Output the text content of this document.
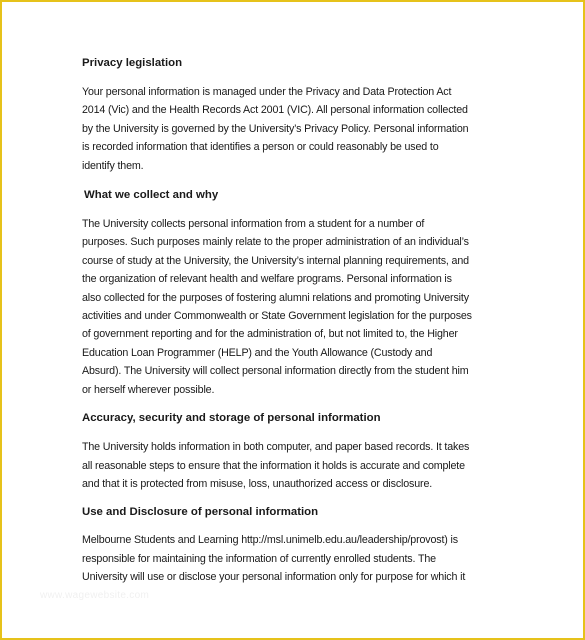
Privacy legislation
Your personal information is managed under the Privacy and Data Protection Act
2014 (Vic) and the Health Records Act 2001 (VIC). All personal information collected
by the University is governed by the University’s Privacy Policy. Personal information
is recorded information that identifies a person or could reasonably be used to
identify them.
What we collect and why
The University collects personal information from a student for a number of
purposes. Such purposes mainly relate to the proper administration of an individual’s
course of study at the University, the University’s internal planning requirements, and
the organization of relevant health and welfare programs. Personal information is
also collected for the purposes of fostering alumni relations and promoting University
activities and under Commonwealth or State Government legislation for the purposes
of government reporting and for the administration of, but not limited to, the Higher
Education Loan Programmer (HELP) and the Youth Allowance (Custody and
Absurd). The University will collect personal information directly from the student him
or herself wherever possible.
Accuracy, security and storage of personal information
The University holds information in both computer, and paper based records. It takes
all reasonable steps to ensure that the information it holds is accurate and complete
and that it is protected from misuse, loss, unauthorized access or disclosure.
Use and Disclosure of personal information
Melbourne Students and Learning http://msl.unimelb.edu.au/leadership/provost) is
responsible for maintaining the information of currently enrolled students. The
University will use or disclose your personal information only for purpose for which it
www.wagewebsite.com
